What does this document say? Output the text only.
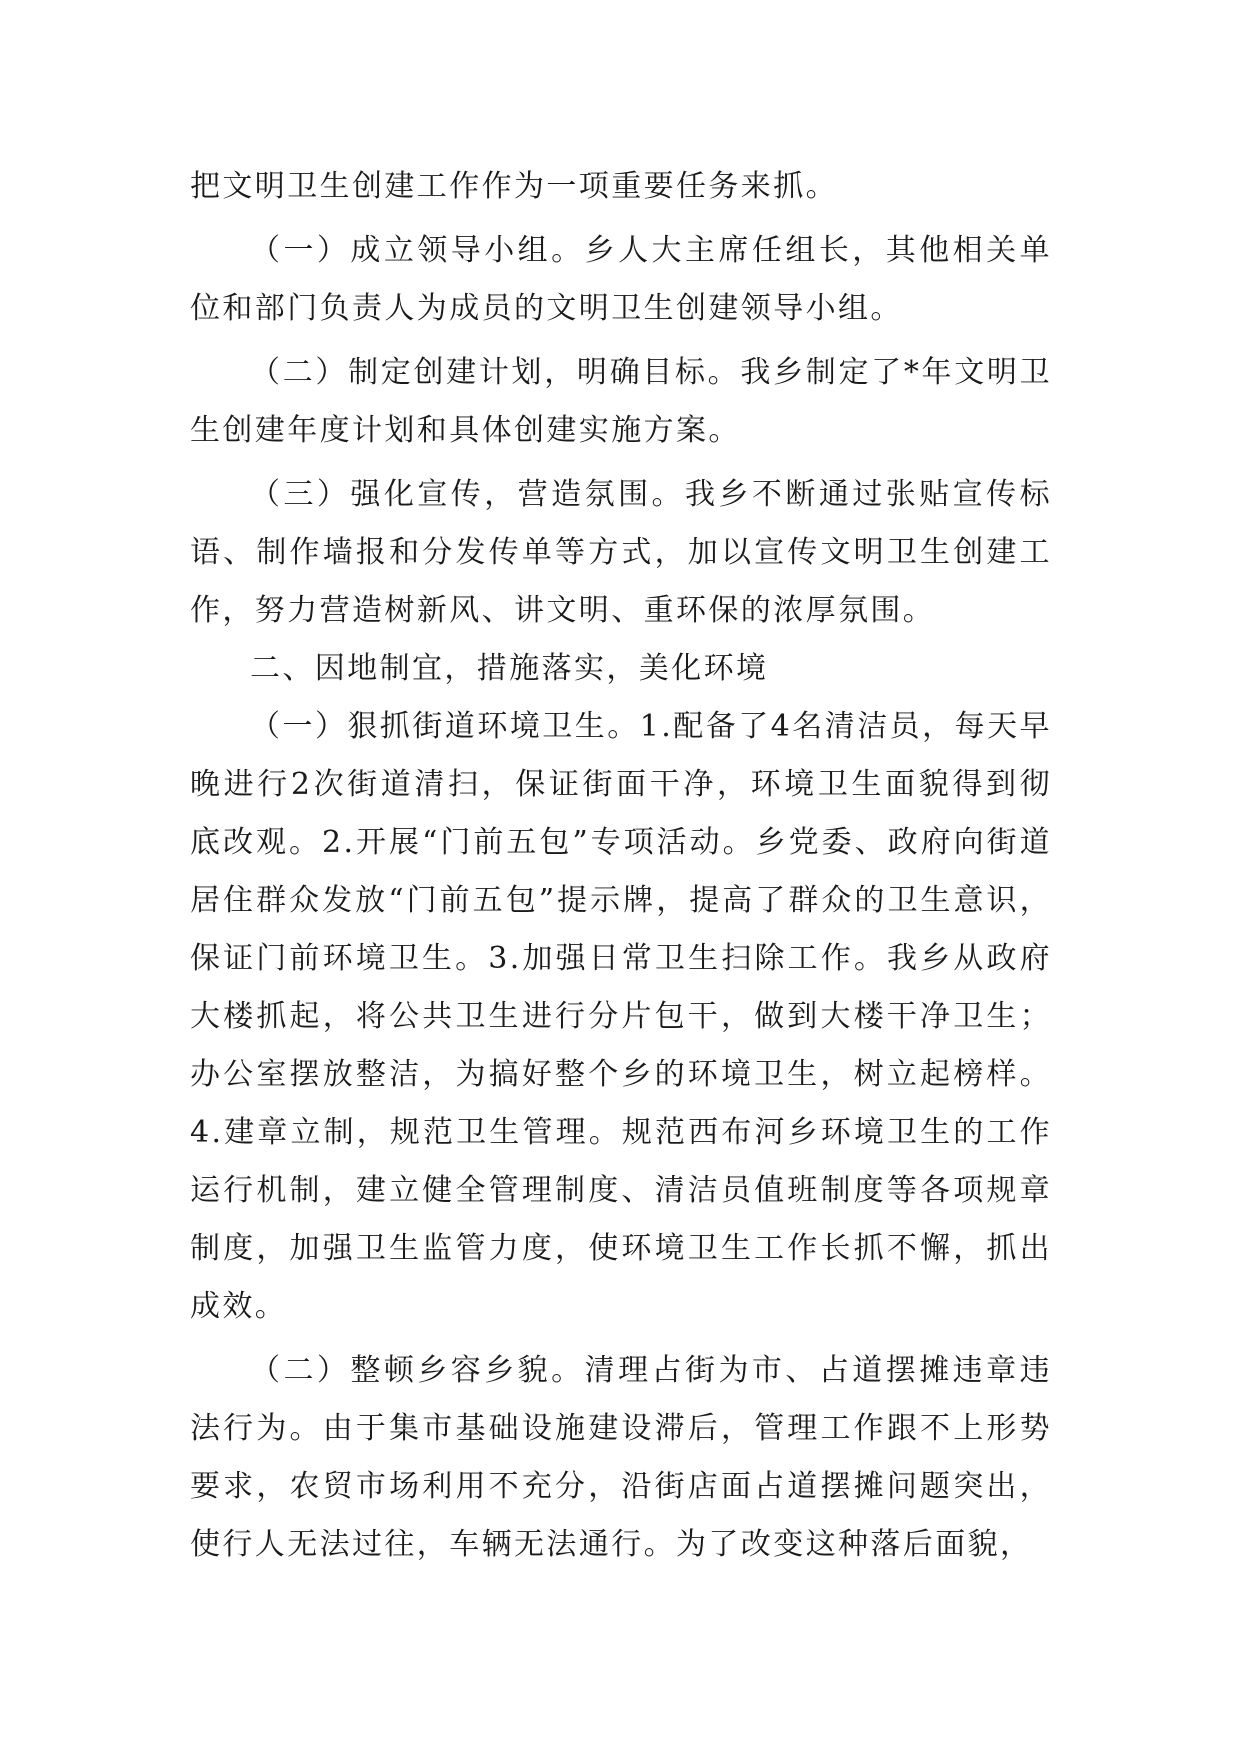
把文明卫生创建工作作为一项重要任务来抓。

（一）成立领导小组。乡人大主席任组长，其他相关单位和部门负责人为成员的文明卫生创建领导小组。

（二）制定创建计划，明确目标。我乡制定了*年文明卫生创建年度计划和具体创建实施方案。

（三）强化宣传，营造氛围。我乡不断通过张贴宣传标语、制作墙报和分发传单等方式，加以宣传文明卫生创建工作，努力营造树新风、讲文明、重环保的浓厚氛围。

二、因地制宜，措施落实，美化环境

（一）狠抓街道环境卫生。1.配备了4名清洁员，每天早晚进行2次街道清扫，保证街面干净，环境卫生面貌得到彻底改观。2.开展“门前五包”专项活动。乡党委、政府向街道居住群众发放“门前五包”提示牌，提高了群众的卫生意识，保证门前环境卫生。3.加强日常卫生扫除工作。我乡从政府大楼抓起，将公共卫生进行分片包干，做到大楼干净卫生；办公室摆放整洁，为搞好整个乡的环境卫生，树立起榜样。4.建章立制，规范卫生管理。规范西布河乡环境卫生的工作运行机制，建立健全管理制度、清洁员值班制度等各项规章制度，加强卫生监管力度，使环境卫生工作长抓不懈，抓出成效。

（二）整顿乡容乡貌。清理占街为市、占道摆摊违章违法行为。由于集市基础设施建设滞后，管理工作跟不上形势要求，农贸市场利用不充分，沿街店面占道摆摊问题突出，使行人无法过往，车辆无法通行。为了改变这种落后面貌，
